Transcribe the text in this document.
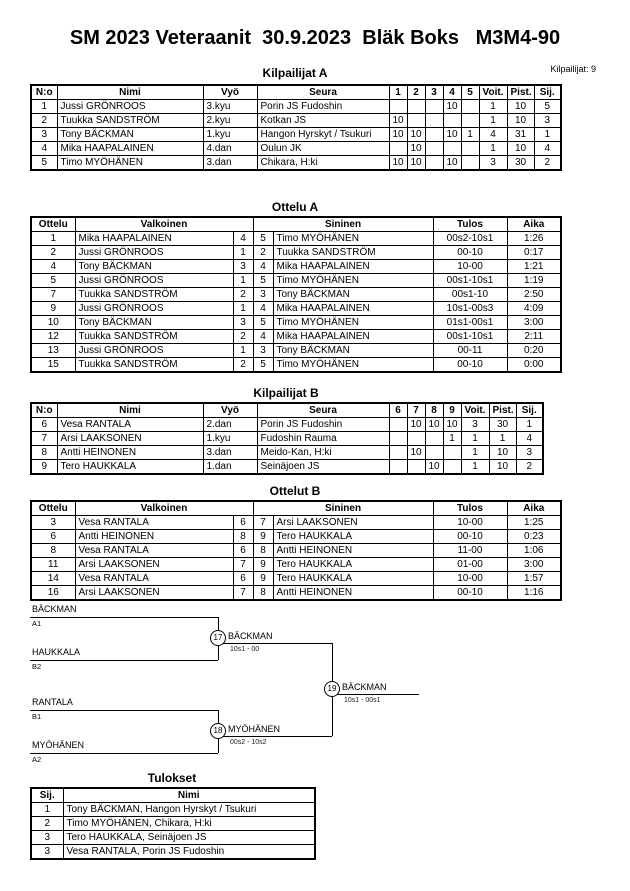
SM 2023 Veteraanit  30.9.2023  Bläk Boks   M3M4-90
Kilpailijat: 9
Kilpailijat A
N:o	Nimi	Vyö	Seura	1	2	3	4	5	Voit.	Pist.	Sij.
1	Jussi GRÖNROOS	3.kyu	Porin JS Fudoshin				10		1	10	5
2	Tuukka SANDSTRÖM	2.kyu	Kotkan JS	10					1	10	3
3	Tony BÄCKMAN	1.kyu	Hangon Hyrskyt / Tsukuri	10	10		10	1	4	31	1
4	Mika HAAPALAINEN	4.dan	Oulun JK		10				1	10	4
5	Timo MYÖHÄNEN	3.dan	Chikara, H:ki	10	10		10		3	30	2
Ottelu A
Ottelu	Valkoinen		Sininen		Tulos	Aika
1	Mika HAAPALAINEN	4	5	Timo MYÖHÄNEN	00s2-10s1	1:26
2	Jussi GRÖNROOS	1	2	Tuukka SANDSTRÖM	00-10	0:17
4	Tony BÄCKMAN	3	4	Mika HAAPALAINEN	10-00	1:21
5	Jussi GRÖNROOS	1	5	Timo MYÖHÄNEN	00s1-10s1	1:19
7	Tuukka SANDSTRÖM	2	3	Tony BÄCKMAN	00s1-10	2:50
9	Jussi GRÖNROOS	1	4	Mika HAAPALAINEN	10s1-00s3	4:09
10	Tony BÄCKMAN	3	5	Timo MYÖHÄNEN	01s1-00s1	3:00
12	Tuukka SANDSTRÖM	2	4	Mika HAAPALAINEN	00s1-10s1	2:11
13	Jussi GRÖNROOS	1	3	Tony BÄCKMAN	00-11	0:20
15	Tuukka SANDSTRÖM	2	5	Timo MYÖHÄNEN	00-10	0:00
Kilpailijat B
N:o	Nimi	Vyö	Seura	6	7	8	9	Voit.	Pist.	Sij.
6	Vesa RANTALA	2.dan	Porin JS Fudoshin		10	10	10	3	30	1
7	Arsi LAAKSONEN	1.kyu	Fudoshin Rauma				1	1	1	4
8	Antti HEINONEN	3.dan	Meido-Kan, H:ki		10			1	10	3
9	Tero HAUKKALA	1.dan	Seinäjoen JS			10		1	10	2
Ottelut B
Ottelu	Valkoinen		Sininen		Tulos	Aika
3	Vesa RANTALA	6	7	Arsi LAAKSONEN	10-00	1:25
6	Antti HEINONEN	8	9	Tero HAUKKALA	00-10	0:23
8	Vesa RANTALA	6	8	Antti HEINONEN	11-00	1:06
11	Arsi LAAKSONEN	7	9	Tero HAUKKALA	01-00	3:00
14	Vesa RANTALA	6	9	Tero HAUKKALA	10-00	1:57
16	Arsi LAAKSONEN	7	8	Antti HEINONEN	00-10	1:16
BÄCKMAN
A1
HAUKKALA
B2
17 BÄCKMAN
10s1 - 00
RANTALA
B1
MYÖHÄNEN
A2
18 MYÖHÄNEN
00s2 - 10s2
19 BÄCKMAN
10s1 - 00s1
Tulokset
Sij.	Nimi
1	Tony BÄCKMAN, Hangon Hyrskyt / Tsukuri
2	Timo MYÖHÄNEN, Chikara, H:ki
3	Tero HAUKKALA, Seinäjoen JS
3	Vesa RANTALA, Porin JS Fudoshin
